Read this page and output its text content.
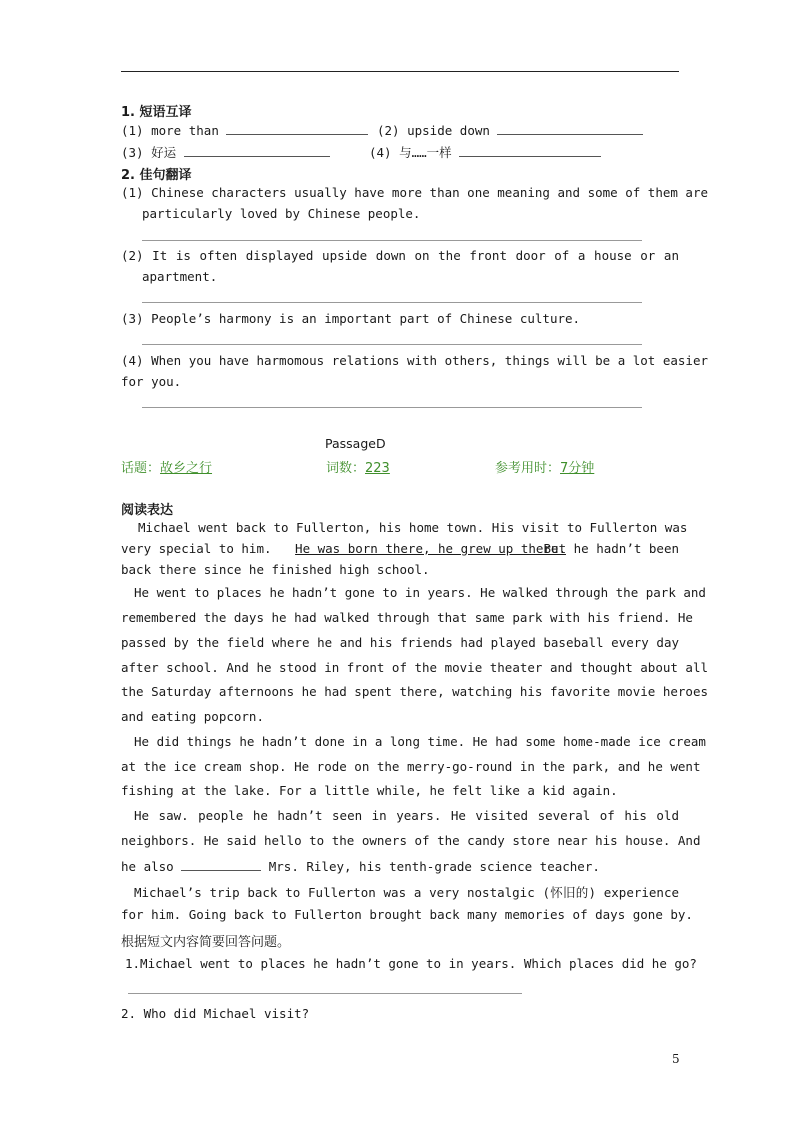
1. 短语互译
(1) more than	(2) upside down
(3) 好运	(4) 与……一样
2. 佳句翻译
(1) Chinese characters usually have more than one meaning and some of them are
particularly loved by Chinese people.
(2) It is often displayed upside down on the front door of a house or an
apartment.
(3) People’s harmony is an important part of Chinese culture.
(4) When you have harmomous relations with others, things will be a lot easier
for you.
PassageD
话题：故乡之行	词数：223	参考用时：7分钟
阅读表达
Michael went back to Fullerton, his home town. His visit to Fullerton was
very special to him. He was born there, he grew up there.
But he hadn’t been
back there since he finished high school.
He went to places he hadn’t gone to in years. He walked through the park and
remembered the days he had walked through that same park with his friend. He
passed by the field where he and his friends had played baseball every day
after school. And he stood in front of the movie theater and thought about all
the Saturday afternoons he had spent there, watching his favorite movie heroes
and eating popcorn.
He did things he hadn’t done in a long time. He had some home-made ice cream
at the ice cream shop. He rode on the merry-go-round in the park, and he went
fishing at the lake. For a little while, he felt like a kid again.
He saw. people he hadn’t seen in years. He visited several of his old
neighbors. He said hello to the owners of the candy store near his house. And
he also	Mrs. Riley, his tenth-grade science teacher.
Michael’s trip back to Fullerton was a very nostalgic (怀旧的) experience
for him. Going back to Fullerton brought back many memories of days gone by.
根据短文内容简要回答问题。
1.Michael went to places he hadn’t gone to in years. Which places did he go?
2. Who did Michael visit?
5
